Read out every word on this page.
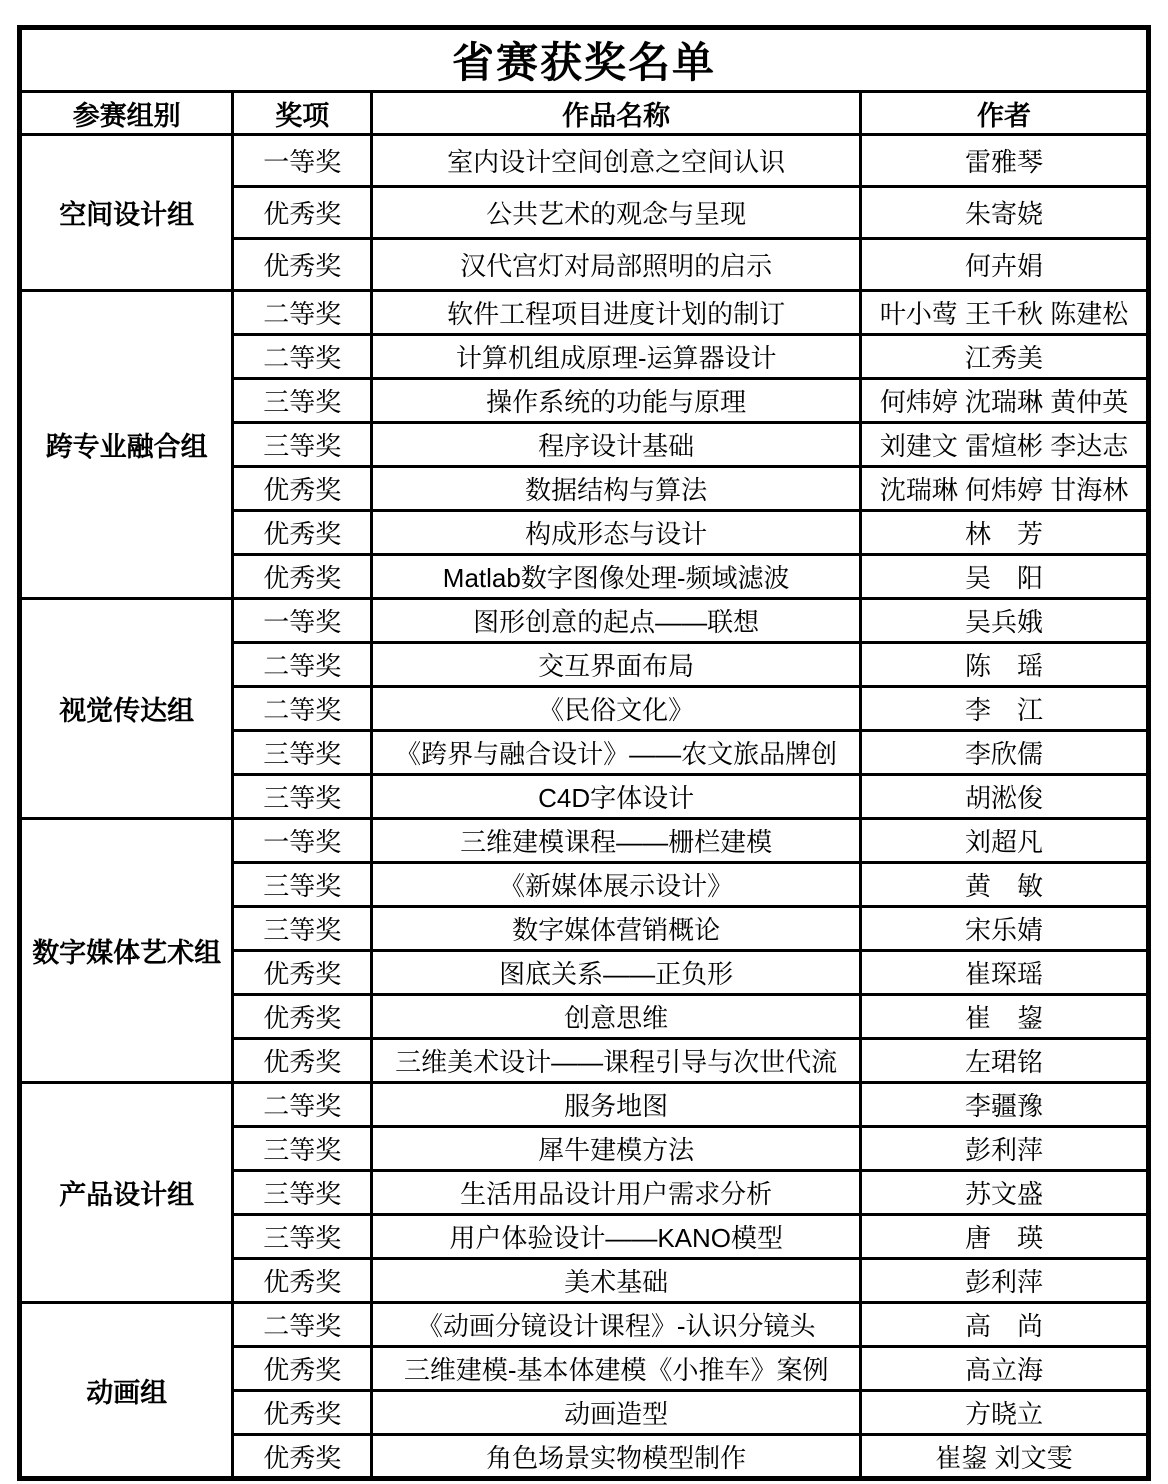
省赛获奖名单			
参赛组别	奖项	作品名称	作者
空间设计组	一等奖	室内设计空间创意之空间认识	雷雅琴
	优秀奖	公共艺术的观念与呈现	朱寄娆
	优秀奖	汉代宫灯对局部照明的启示	何卉娟
跨专业融合组	二等奖	软件工程项目进度计划的制订	叶小莺 王千秋 陈建松
	二等奖	计算机组成原理-运算器设计	江秀美
	三等奖	操作系统的功能与原理	何炜婷 沈瑞琳 黄仲英
	三等奖	程序设计基础	刘建文 雷煊彬 李达志
	优秀奖	数据结构与算法	沈瑞琳 何炜婷 甘海林
	优秀奖	构成形态与设计	林　芳
	优秀奖	Matlab数字图像处理-频域滤波	吴　阳
视觉传达组	一等奖	图形创意的起点——联想	吴兵娥
	二等奖	交互界面布局	陈　瑶
	二等奖	《民俗文化》	李　江
	三等奖	《跨界与融合设计》——农文旅品牌创	李欣儒
	三等奖	C4D字体设计	胡淞俊
数字媒体艺术组	一等奖	三维建模课程——栅栏建模	刘超凡
	三等奖	《新媒体展示设计》	黄　敏
	三等奖	数字媒体营销概论	宋乐婧
	优秀奖	图底关系——正负形	崔琛瑶
	优秀奖	创意思维	崔　鋆
	优秀奖	三维美术设计——课程引导与次世代流	左珺铭
产品设计组	二等奖	服务地图	李疆豫
	三等奖	犀牛建模方法	彭利萍
	三等奖	生活用品设计用户需求分析	苏文盛
	三等奖	用户体验设计——KANO模型	唐　瑛
	优秀奖	美术基础	彭利萍
动画组	二等奖	《动画分镜设计课程》-认识分镜头	高　尚
	优秀奖	三维建模-基本体建模《小推车》案例	高立海
	优秀奖	动画造型	方晓立
	优秀奖	角色场景实物模型制作	崔鋆 刘文雯
